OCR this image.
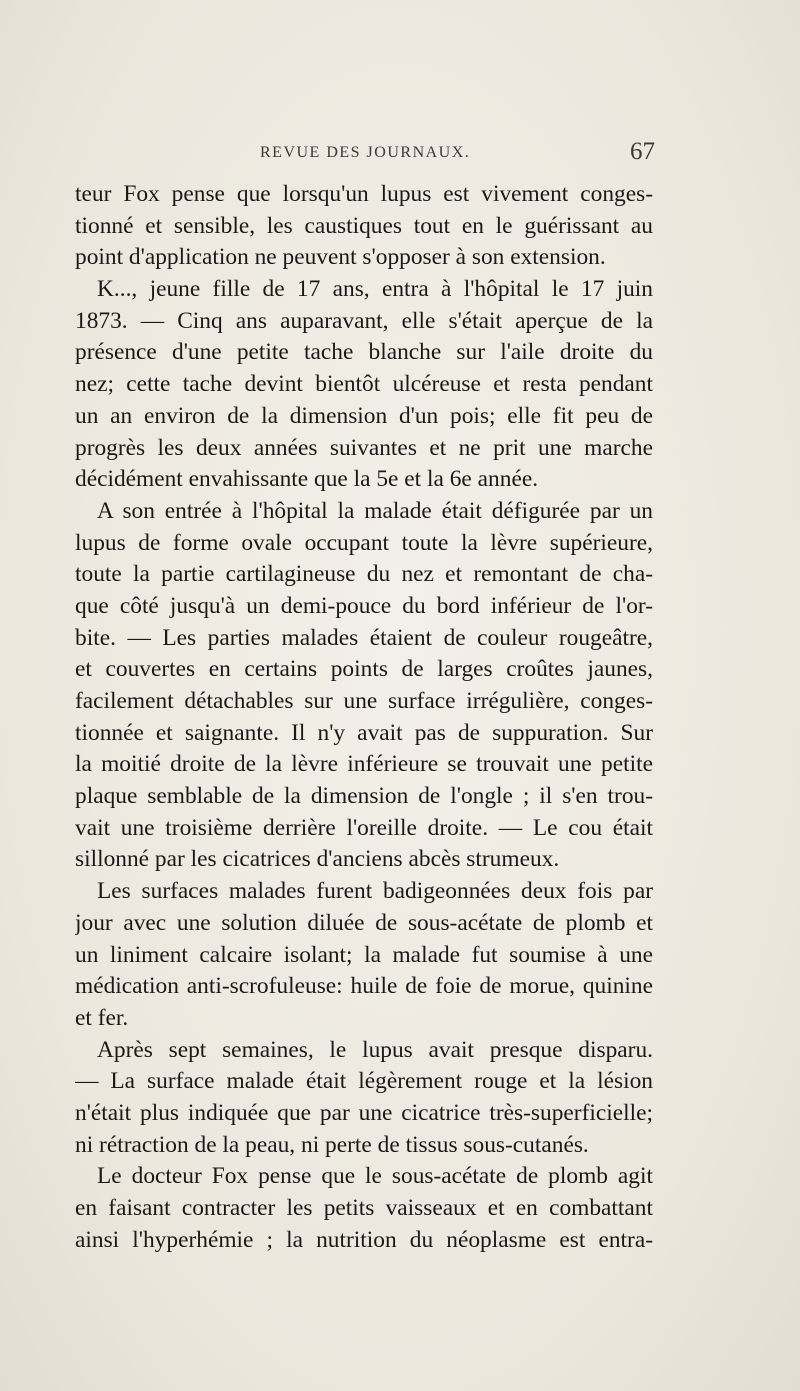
REVUE DES JOURNAUX.	67
teur Fox pense que lorsqu'un lupus est vivement conges-
tionné et sensible, les caustiques tout en le guérissant au
point d'application ne peuvent s'opposer à son extension.
K..., jeune fille de 17 ans, entra à l'hôpital le 17 juin
1873. — Cinq ans auparavant, elle s'était aperçue de la
présence d'une petite tache blanche sur l'aile droite du
nez; cette tache devint bientôt ulcéreuse et resta pendant
un an environ de la dimension d'un pois; elle fit peu de
progrès les deux années suivantes et ne prit une marche
décidément envahissante que la 5e et la 6e année.
A son entrée à l'hôpital la malade était défigurée par un
lupus de forme ovale occupant toute la lèvre supérieure,
toute la partie cartilagineuse du nez et remontant de cha-
que côté jusqu'à un demi-pouce du bord inférieur de l'or-
bite. — Les parties malades étaient de couleur rougeâtre,
et couvertes en certains points de larges croûtes jaunes,
facilement détachables sur une surface irrégulière, conges-
tionnée et saignante. Il n'y avait pas de suppuration. Sur
la moitié droite de la lèvre inférieure se trouvait une petite
plaque semblable de la dimension de l'ongle ; il s'en trou-
vait une troisième derrière l'oreille droite. — Le cou était
sillonné par les cicatrices d'anciens abcès strumeux.
Les surfaces malades furent badigeonnées deux fois par
jour avec une solution diluée de sous-acétate de plomb et
un liniment calcaire isolant; la malade fut soumise à une
médication anti-scrofuleuse: huile de foie de morue, quinine
et fer.
Après sept semaines, le lupus avait presque disparu.
— La surface malade était légèrement rouge et la lésion
n'était plus indiquée que par une cicatrice très-superficielle;
ni rétraction de la peau, ni perte de tissus sous-cutanés.
Le docteur Fox pense que le sous-acétate de plomb agit
en faisant contracter les petits vaisseaux et en combattant
ainsi l'hyperhémie ; la nutrition du néoplasme est entra-
